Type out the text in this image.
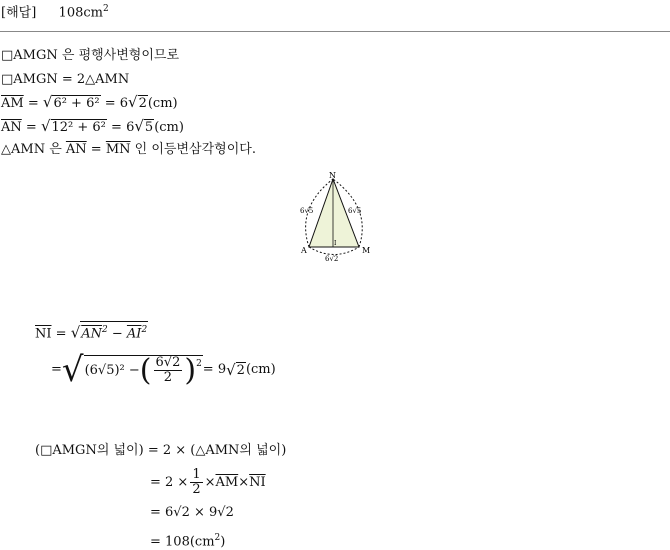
[해답] $108cm^2$
□AMGN 은 평행사변형이므로
□AMGN = 2△AMN
$\overline{AM} = √6^2 + 6^2 = 6√2(cm)$
$\overline{AN} = √12^2 + 6^2 = 6√5(cm)$
△AMN 은 $\overline{AN} = \overline{MN}$ 인 이등변삼각형이다.
N
A	M
I
6√5	6√5
6√2
$\overline{NI} = √AN^2 - \overline{AI}^2$
= √ (6√5)² − ( $\frac{6√2}{2} )^2 = 9$ √ 2 (cm)
(□AMGN의 넓이) = 2 × (△AMN의 넓이)
= $2 \times \frac{1}{2} \times \overline{AM} \times \overline{NI}$
= 6√2 × 9√2
= $108(cm^2)$
